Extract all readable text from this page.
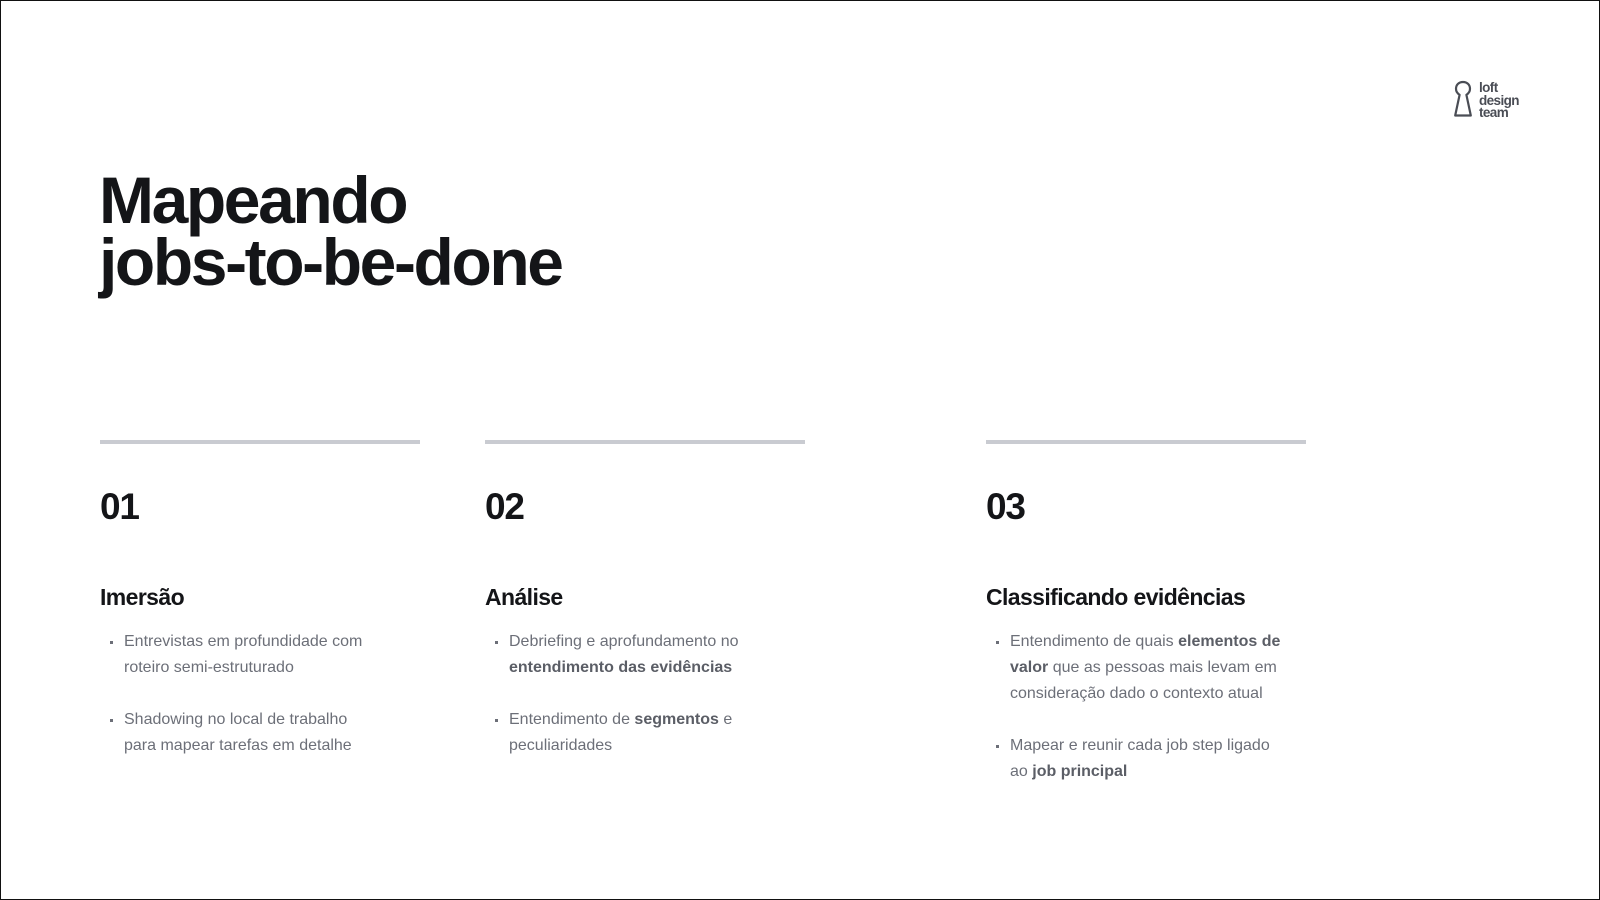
loft
design
team
Mapeando
jobs-to-be-done
01
Imersão
Entrevistas em profundidade com
roteiro semi-estruturado
Shadowing no local de trabalho
para mapear tarefas em detalhe
02
Análise
Debriefing e aprofundamento no
entendimento das evidências
Entendimento de segmentos e
peculiaridades
03
Classificando evidências
Entendimento de quais elementos de
valor que as pessoas mais levam em
consideração dado o contexto atual
Mapear e reunir cada job step ligado
ao job principal
